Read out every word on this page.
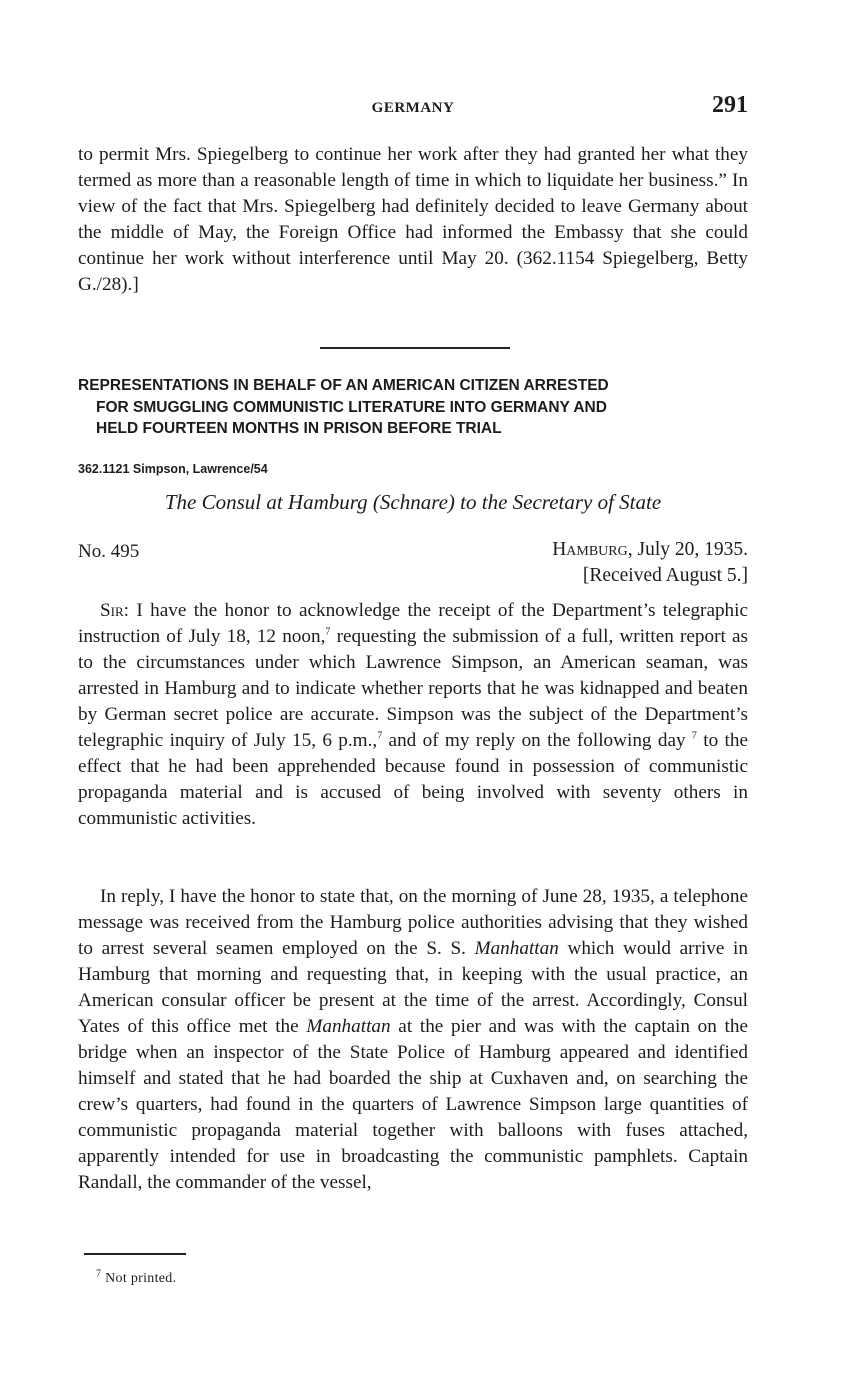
GERMANY	291

to permit Mrs. Spiegelberg to continue her work after they had granted her what they termed as more than a reasonable length of time in which to liquidate her business.” In view of the fact that Mrs. Spiegelberg had definitely decided to leave Germany about the middle of May, the Foreign Office had informed the Embassy that she could continue her work without interference until May 20. (362.1154 Spiegelberg, Betty G./28).]

REPRESENTATIONS IN BEHALF OF AN AMERICAN CITIZEN ARRESTED
FOR SMUGGLING COMMUNISTIC LITERATURE INTO GERMANY AND
HELD FOURTEEN MONTHS IN PRISON BEFORE TRIAL
362.1121 Simpson, Lawrence/54
The Consul at Hamburg (Schnare) to the Secretary of State
No. 495	Hamburg, July 20, 1935.
[Received August 5.]

Sir: I have the honor to acknowledge the receipt of the Department’s telegraphic instruction of July 18, 12 noon,$^7$ requesting the submission of a full, written report as to the circumstances under which Lawrence Simpson, an American seaman, was arrested in Hamburg and to indicate whether reports that he was kidnapped and beaten by German secret police are accurate. Simpson was the subject of the Department’s telegraphic inquiry of July 15, 6 p.m.,$^7$ and of my reply on the following day $^7$ to the effect that he had been apprehended because found in possession of communistic propaganda material and is accused of being involved with seventy others in communistic activities.

In reply, I have the honor to state that, on the morning of June 28, 1935, a telephone message was received from the Hamburg police authorities advising that they wished to arrest several seamen employed on the S. S. Manhattan which would arrive in Hamburg that morning and requesting that, in keeping with the usual practice, an American consular officer be present at the time of the arrest. Accordingly, Consul Yates of this office met the Manhattan at the pier and was with the captain on the bridge when an inspector of the State Police of Hamburg appeared and identified himself and stated that he had boarded the ship at Cuxhaven and, on searching the crew’s quarters, had found in the quarters of Lawrence Simpson large quantities of communistic propaganda material together with balloons with fuses attached, apparently intended for use in broadcasting the communistic pamphlets. Captain Randall, the commander of the vessel,

$^7$ Not printed.
